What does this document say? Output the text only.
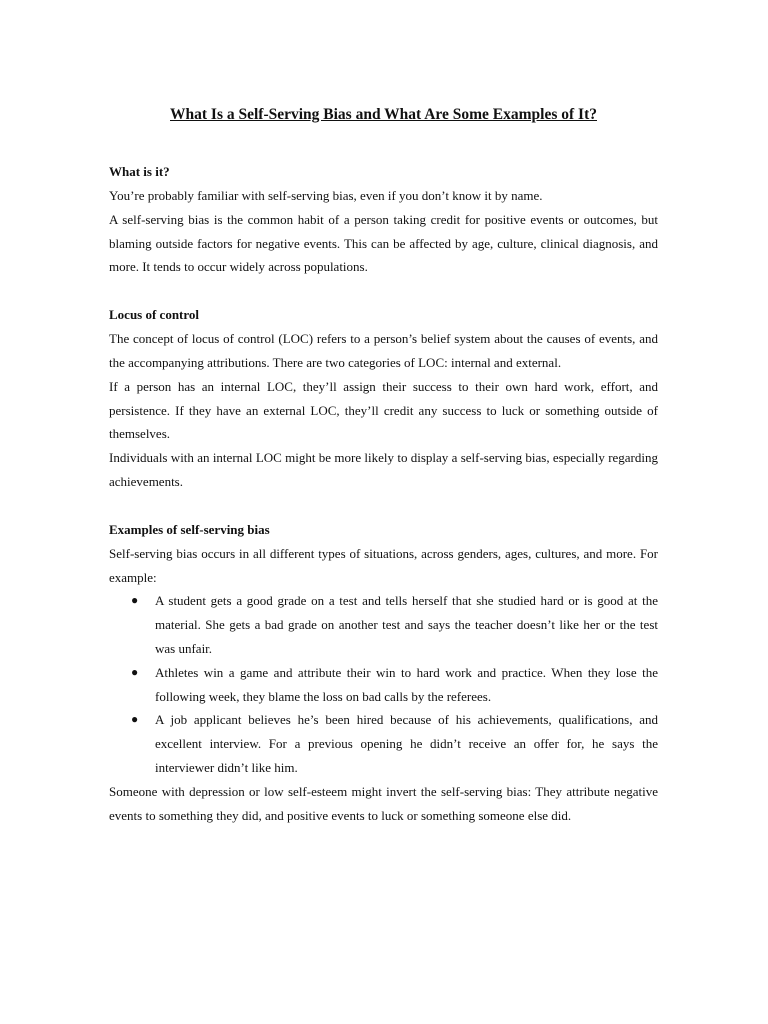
What Is a Self-Serving Bias and What Are Some Examples of It?
What is it?

You’re probably familiar with self-serving bias, even if you don’t know it by name.

A self-serving bias is the common habit of a person taking credit for positive events or outcomes, but blaming outside factors for negative events. This can be affected by age, culture, clinical diagnosis, and more. It tends to occur widely across populations.

Locus of control

The concept of locus of control (LOC) refers to a person’s belief system about the causes of events, and the accompanying attributions. There are two categories of LOC: internal and external.

If a person has an internal LOC, they’ll assign their success to their own hard work, effort, and persistence. If they have an external LOC, they’ll credit any success to luck or something outside of themselves.

Individuals with an internal LOC might be more likely to display a self-serving bias, especially regarding achievements.

Examples of self-serving bias

Self-serving bias occurs in all different types of situations, across genders, ages, cultures, and more. For example:

● A student gets a good grade on a test and tells herself that she studied hard or is good at the material. She gets a bad grade on another test and says the teacher doesn’t like her or the test was unfair.
● Athletes win a game and attribute their win to hard work and practice. When they lose the following week, they blame the loss on bad calls by the referees.
● A job applicant believes he’s been hired because of his achievements, qualifications, and excellent interview. For a previous opening he didn’t receive an offer for, he says the interviewer didn’t like him.

Someone with depression or low self-esteem might invert the self-serving bias: They attribute negative events to something they did, and positive events to luck or something someone else did.
